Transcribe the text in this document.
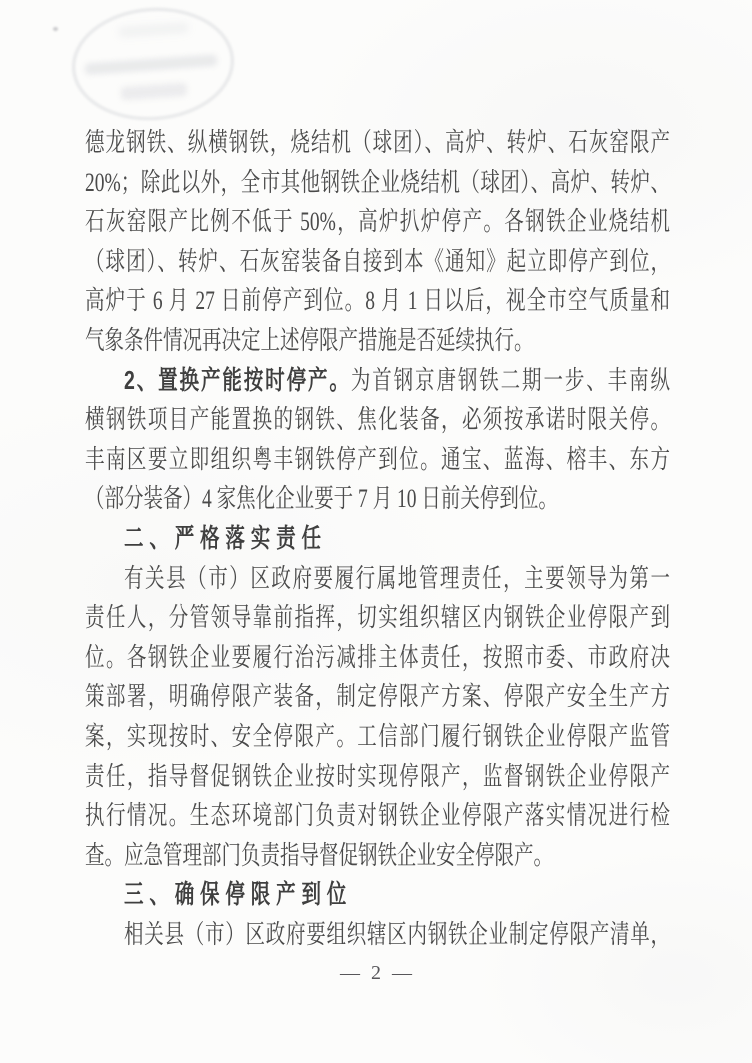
德龙钢铁、纵横钢铁，烧结机（球团）、高炉、转炉、石灰窑限产
20%；除此以外，全市其他钢铁企业烧结机（球团）、高炉、转炉、
石灰窑限产比例不低于 50%，高炉扒炉停产。各钢铁企业烧结机
（球团）、转炉、石灰窑装备自接到本《通知》起立即停产到位，
高炉于 6 月 27 日前停产到位。8 月 1 日以后，视全市空气质量和
气象条件情况再决定上述停限产措施是否延续执行。
2、置换产能按时停产。为首钢京唐钢铁二期一步、丰南纵
横钢铁项目产能置换的钢铁、焦化装备，必须按承诺时限关停。
丰南区要立即组织粤丰钢铁停产到位。通宝、蓝海、榕丰、东方
（部分装备）4 家焦化企业要于 7 月 10 日前关停到位。
二、严格落实责任
有关县（市）区政府要履行属地管理责任，主要领导为第一
责任人，分管领导靠前指挥，切实组织辖区内钢铁企业停限产到
位。各钢铁企业要履行治污减排主体责任，按照市委、市政府决
策部署，明确停限产装备，制定停限产方案、停限产安全生产方
案，实现按时、安全停限产。工信部门履行钢铁企业停限产监管
责任，指导督促钢铁企业按时实现停限产，监督钢铁企业停限产
执行情况。生态环境部门负责对钢铁企业停限产落实情况进行检
查。应急管理部门负责指导督促钢铁企业安全停限产。
三、确保停限产到位
相关县（市）区政府要组织辖区内钢铁企业制定停限产清单，
— 2 —
